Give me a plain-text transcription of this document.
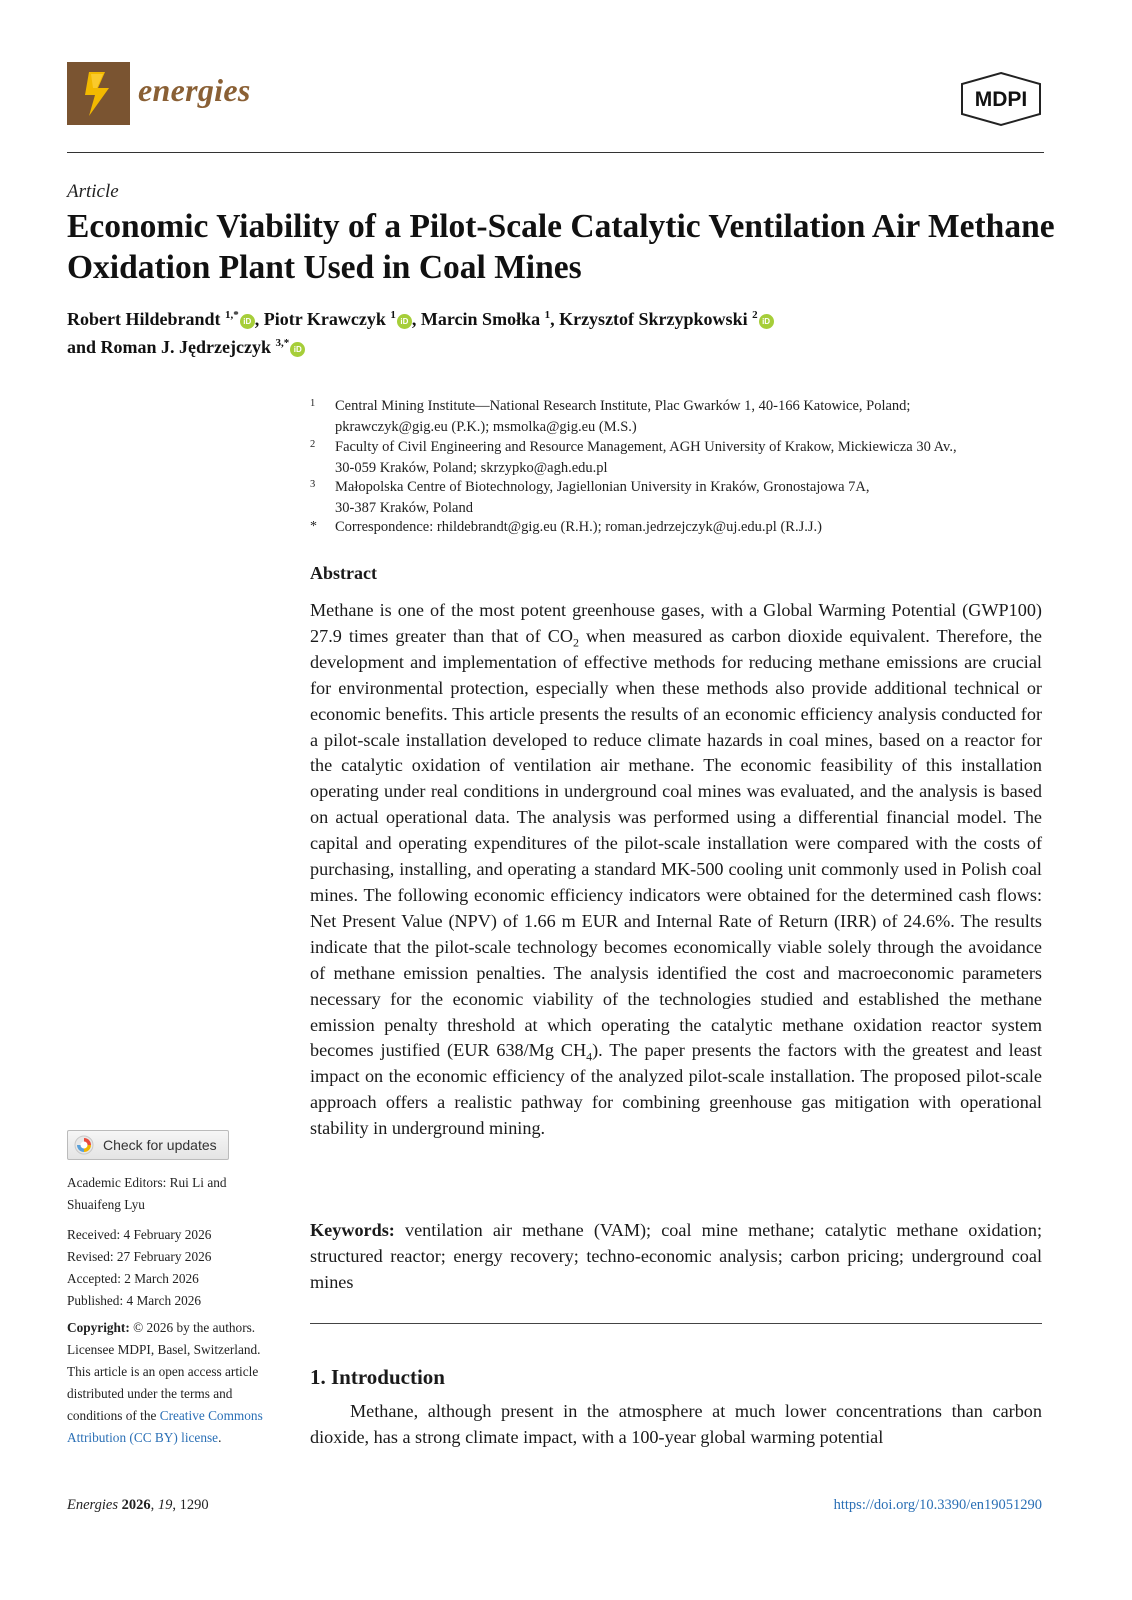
energies	MDPI
Article
Economic Viability of a Pilot-Scale Catalytic Ventilation Air Methane Oxidation Plant Used in Coal Mines
Robert Hildebrandt $^{1,*}$iD , Piotr Krawczyk $^1$iD , Marcin Smołka $^1$, Krzysztof Skrzypkowski $^2$iD
and Roman J. Jędrzejczyk $^{3,*}$iD
1 Central Mining Institute—National Research Institute, Plac Gwarków 1, 40-166 Katowice, Poland;
pkrawczyk@gig.eu (P.K.); msmolka@gig.eu (M.S.)
2 Faculty of Civil Engineering and Resource Management, AGH University of Krakow, Mickiewicza 30 Av.,
30-059 Kraków, Poland; skrzypko@agh.edu.pl
3 Małopolska Centre of Biotechnology, Jagiellonian University in Kraków, Gronostajowa 7A,
30-387 Kraków, Poland
* Correspondence: rhildebrandt@gig.eu (R.H.); roman.jedrzejczyk@uj.edu.pl (R.J.J.)
Abstract

Methane is one of the most potent greenhouse gases, with a Global Warming Potential (GWP100) 27.9 times greater than that of $CO_2$ when measured as carbon dioxide equivalent. Therefore, the development and implementation of effective methods for reducing methane emissions are crucial for environmental protection, especially when these methods also provide additional technical or economic benefits. This article presents the results of an economic efficiency analysis conducted for a pilot-scale installation developed to reduce climate hazards in coal mines, based on a reactor for the catalytic oxidation of ventilation air methane. The economic feasibility of this installation operating under real conditions in underground coal mines was evaluated, and the analysis is based on actual operational data. The analysis was performed using a differential financial model. The capital and operating expenditures of the pilot-scale installation were compared with the costs of purchasing, installing, and operating a standard MK-500 cooling unit commonly used in Polish coal mines. The following economic efficiency indicators were obtained for the determined cash flows: Net Present Value (NPV) of 1.66 m EUR and Internal Rate of Return (IRR) of 24.6%. The results indicate that the pilot-scale technology becomes economically viable solely through the avoidance of methane emission penalties. The analysis identified the cost and macroeconomic parameters necessary for the economic viability of the technologies studied and established the methane emission penalty threshold at which operating the catalytic methane oxidation reactor system becomes justified (EUR 638/Mg $CH_4$). The paper presents the factors with the greatest and least impact on the economic efficiency of the analyzed pilot-scale installation. The proposed pilot-scale approach offers a realistic pathway for combining greenhouse gas mitigation with operational stability in underground mining.

Keywords: ventilation air methane (VAM); coal mine methane; catalytic methane oxidation; structured reactor; energy recovery; techno-economic analysis; carbon pricing; underground coal mines

1. Introduction

Methane, although present in the atmosphere at much lower concentrations than carbon dioxide, has a strong climate impact, with a 100-year global warming potential

Check for updates
Academic Editors: Rui Li and Shuaifeng Lyu

Received: 4 February 2026

Revised: 27 February 2026

Accepted: 2 March 2026

Published: 4 March 2026

Copyright: © 2026 by the authors. Licensee MDPI, Basel, Switzerland. This article is an open access article distributed under the terms and conditions of the Creative Commons Attribution (CC BY) license.
Energies 2026, 19, 1290	https://doi.org/10.3390/en19051290
